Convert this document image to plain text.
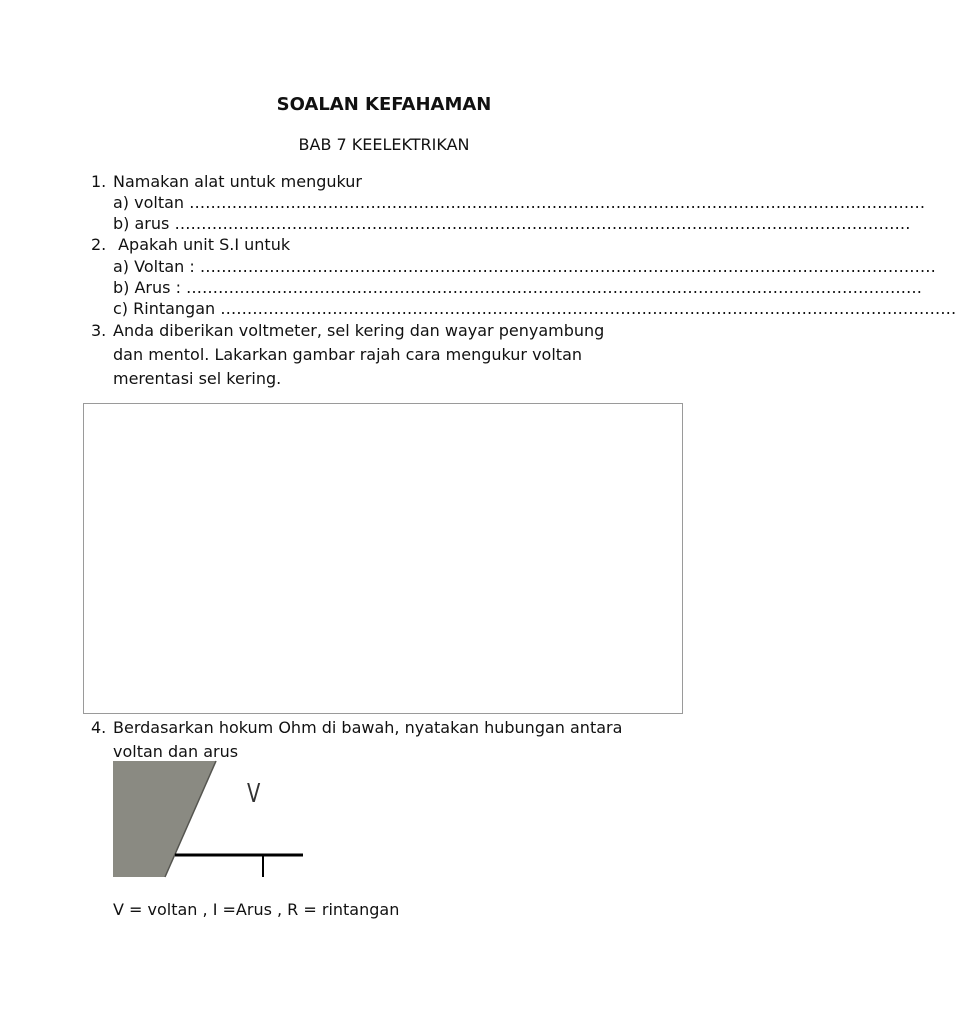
SOALAN KEFAHAMAN
BAB 7 KEELEKTRIKAN
1. Namakan alat untuk mengukur
a) voltan …………………………………………………………………………………………………………………………
b) arus …………………………………………………………………………………………………………………………
2. Apakah unit S.I untuk
a) Voltan : …………………………………………………………………………………………………………………………
b) Arus : …………………………………………………………………………………………………………………………
c) Rintangan …………………………………………………………………………………………………………………………
3. Anda diberikan voltmeter, sel kering dan wayar penyambung
dan mentol. Lakarkan gambar rajah cara mengukur voltan
merentasi sel kering.
4. Berdasarkan hokum Ohm di bawah, nyatakan hubungan antara
voltan dan arus
V
V = voltan , I =Arus , R = rintangan
